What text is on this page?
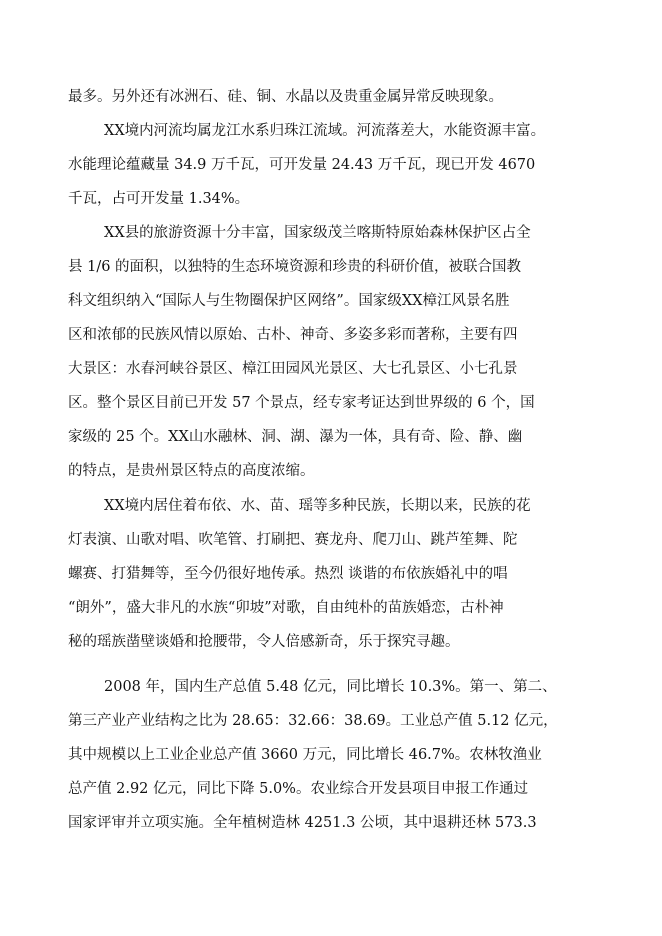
最多。另外还有冰洲石、硅、铜、水晶以及贵重金属异常反映现象。

XX境内河流均属龙江水系归珠江流域。河流落差大，水能资源丰富。

水能理论蕴藏量 34.9 万千瓦，可开发量 24.43 万千瓦，现已开发 4670

千瓦，占可开发量 1.34%。

XX县的旅游资源十分丰富，国家级茂兰喀斯特原始森林保护区占全

县 1/6 的面积，以独特的生态环境资源和珍贵的科研价值，被联合国教

科文组织纳入“国际人与生物圈保护区网络”。国家级XX樟江风景名胜

区和浓郁的民族风情以原始、古朴、神奇、多姿多彩而著称，主要有四

大景区：水春河峡谷景区、樟江田园风光景区、大七孔景区、小七孔景

区。整个景区目前已开发 57 个景点，经专家考证达到世界级的 6 个，国

家级的 25 个。XX山水融林、洞、湖、瀑为一体，具有奇、险、静、幽

的特点，是贵州景区特点的高度浓缩。

XX境内居住着布依、水、苗、瑶等多种民族，长期以来，民族的花

灯表演、山歌对唱、吹笔管、打刷把、赛龙舟、爬刀山、跳芦笙舞、陀

螺赛、打猎舞等，至今仍很好地传承。热烈 谈谐的布依族婚礼中的唱

“朗外”，盛大非凡的水族“卯坡”对歌，自由纯朴的苗族婚恋，古朴神

秘的瑶族凿壁谈婚和抢腰带，令人倍感新奇，乐于探究寻趣。

2008 年，国内生产总值 5.48 亿元，同比增长 10.3%。第一、第二、

第三产业产业结构之比为 28.65：32.66：38.69。工业总产值 5.12 亿元，

其中规模以上工业企业总产值 3660 万元，同比增长 46.7%。农林牧渔业

总产值 2.92 亿元，同比下降 5.0%。农业综合开发县项目申报工作通过

国家评审并立项实施。全年植树造林 4251.3 公顷，其中退耕还林 573.3
